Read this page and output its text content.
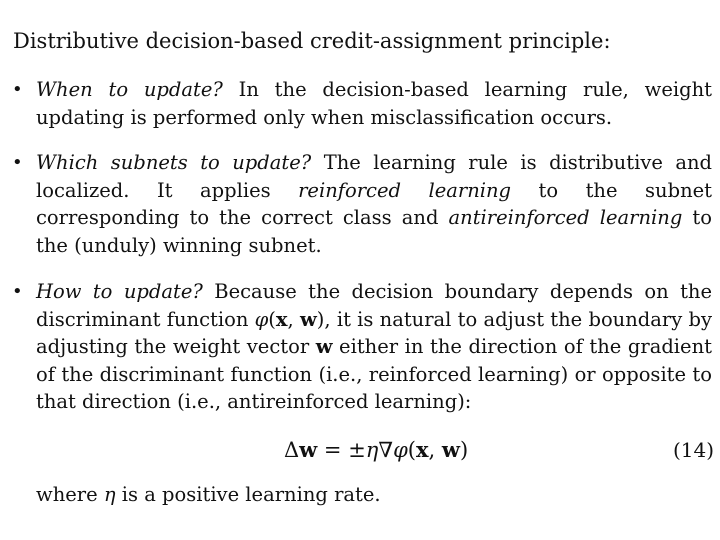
Distributive decision-based credit-assignment principle:
• When to update? In the decision-based learning rule, weight updating is performed only when misclassification occurs.
• Which subnets to update? The learning rule is distributive and localized. It applies reinforced learning to the subnet corresponding to the correct class and antireinforced learning to the (unduly) winning subnet.
• How to update? Because the decision boundary depends on the discriminant function φ(x, w), it is natural to adjust the boundary by adjusting the weight vector w either in the direction of the gradient of the discriminant function (i.e., reinforced learning) or opposite to that direction (i.e., antireinforced learning):
Δw = ±η∇φ(x, w)	(14)
where η is a positive learning rate.
